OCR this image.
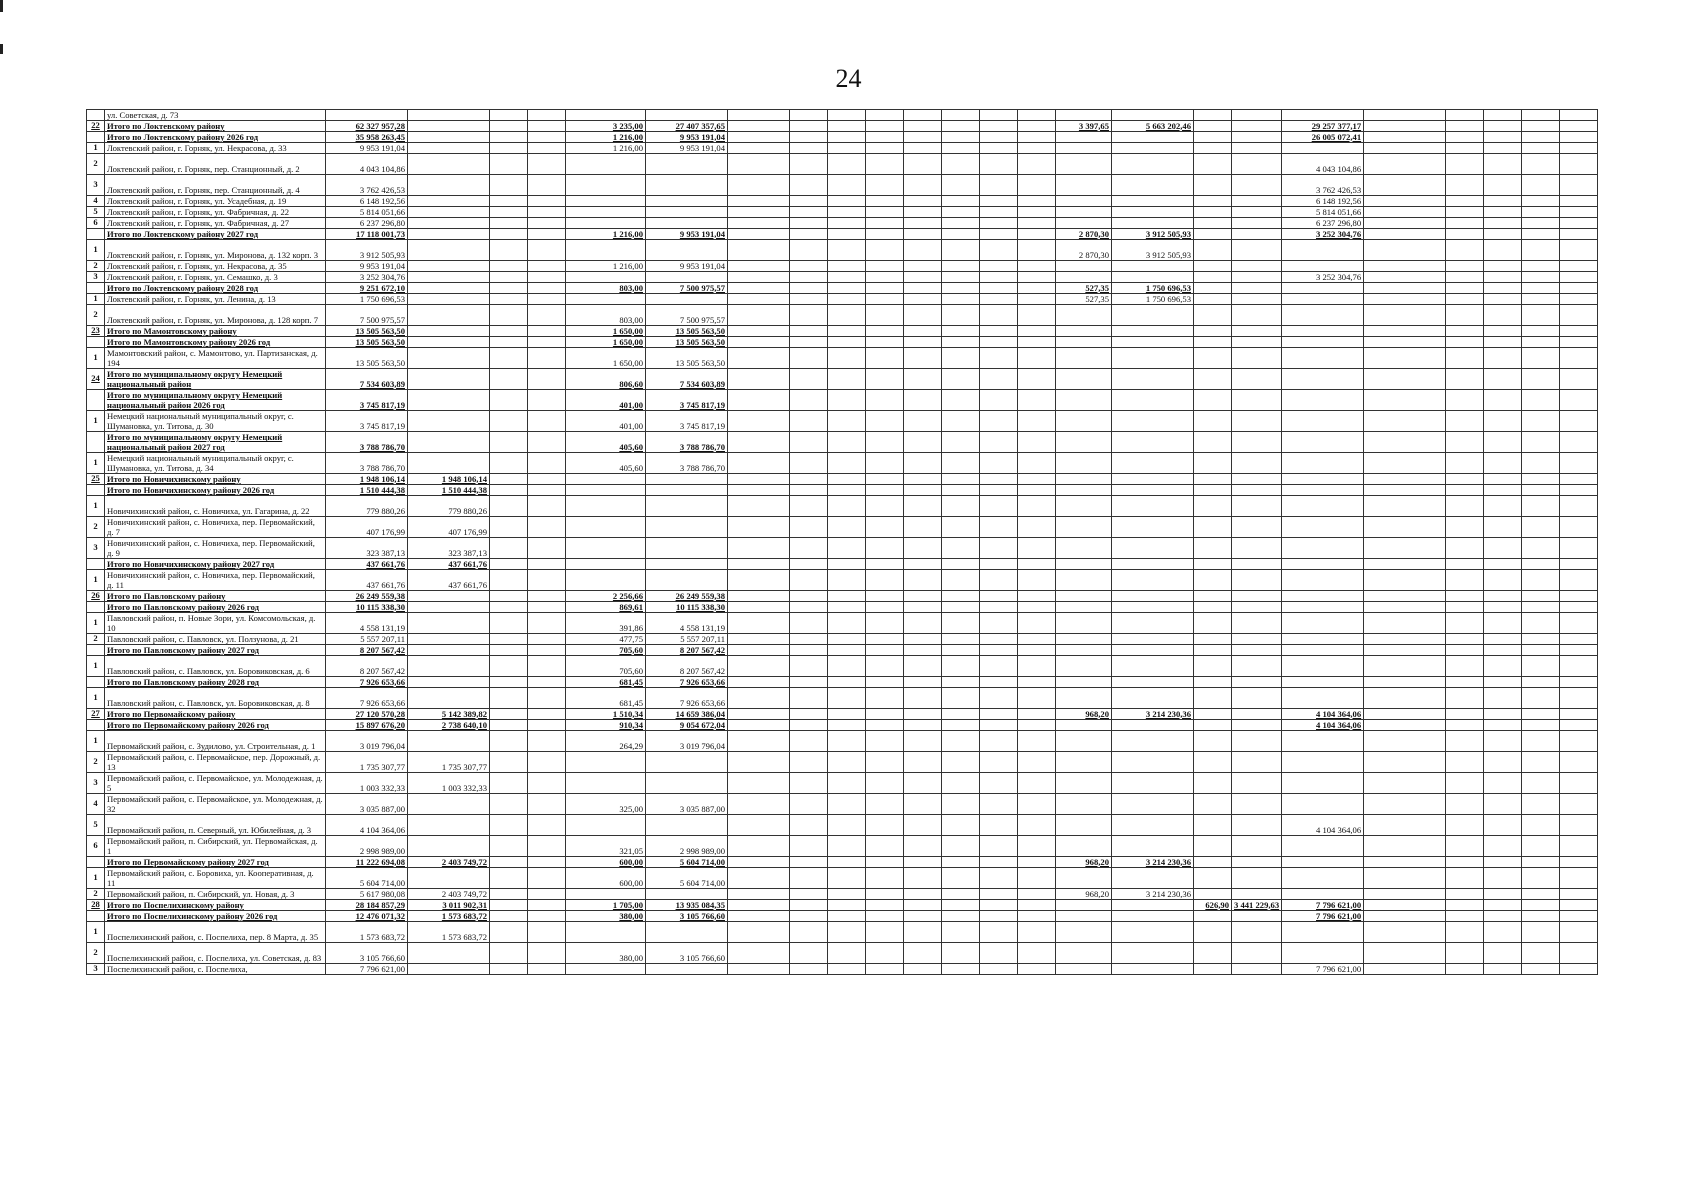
24
	ул. Советская, д. 73																								
22	Итого по Локтевскому району	62 327 957,28				3 235,00	27 407 357,65									3 397,65	5 663 202,46			29 257 377,17					
	Итого по Локтевскому району 2026 год	35 958 263,45				1 216,00	9 953 191,04													26 005 072,41					
1	Локтевский район, г. Горняк, ул. Некрасова, д. 33	9 953 191,04				1 216,00	9 953 191,04																		
2	Локтевский район, г. Горняк, пер. Станционный, д. 2	4 043 104,86																		4 043 104,86					
3	Локтевский район, г. Горняк, пер. Станционный, д. 4	3 762 426,53																		3 762 426,53					
4	Локтевский район, г. Горняк, ул. Усадебная, д. 19	6 148 192,56																		6 148 192,56					
5	Локтевский район, г. Горняк, ул. Фабричная, д. 22	5 814 051,66																		5 814 051,66					
6	Локтевский район, г. Горняк, ул. Фабричная, д. 27	6 237 296,80																		6 237 296,80					
	Итого по Локтевскому району 2027 год	17 118 001,73				1 216,00	9 953 191,04									2 870,30	3 912 505,93			3 252 304,76					
1	Локтевский район, г. Горняк, ул. Миронова, д. 132 корп. 3	3 912 505,93														2 870,30	3 912 505,93								
2	Локтевский район, г. Горняк, ул. Некрасова, д. 35	9 953 191,04				1 216,00	9 953 191,04																		
3	Локтевский район, г. Горняк, ул. Семашко, д. 3	3 252 304,76																		3 252 304,76					
	Итого по Локтевскому району 2028 год	9 251 672,10				803,00	7 500 975,57									527,35	1 750 696,53								
1	Локтевский район, г. Горняк, ул. Ленина, д. 13	1 750 696,53														527,35	1 750 696,53								
2	Локтевский район, г. Горняк, ул. Миронова, д. 128 корп. 7	7 500 975,57				803,00	7 500 975,57																		
23	Итого по Мамонтовскому району	13 505 563,50				1 650,00	13 505 563,50																		
	Итого по Мамонтовскому району 2026 год	13 505 563,50				1 650,00	13 505 563,50																		
1	Мамонтовский район, с. Мамонтово, ул. Партизанская, д. 194	13 505 563,50				1 650,00	13 505 563,50																		
24	Итого по муниципальному округу Немецкий национальный район	7 534 603,89				806,60	7 534 603,89																		
	Итого по муниципальному округу Немецкий национальный район 2026 год	3 745 817,19				401,00	3 745 817,19																		
1	Немецкий национальный муниципальный округ, с. Шумановка, ул. Титова, д. 30	3 745 817,19				401,00	3 745 817,19																		
	Итого по муниципальному округу Немецкий национальный район 2027 год	3 788 786,70				405,60	3 788 786,70																		
1	Немецкий национальный муниципальный округ, с. Шумановка, ул. Титова, д. 34	3 788 786,70				405,60	3 788 786,70																		
25	Итого по Новичихинскому району	1 948 106,14	1 948 106,14																						
	Итого по Новичихинскому району 2026 год	1 510 444,38	1 510 444,38																						
1	Новичихинский район, с. Новичиха, ул. Гагарина, д. 22	779 880,26	779 880,26																						
2	Новичихинский район, с. Новичиха, пер. Первомайский, д. 7	407 176,99	407 176,99																						
3	Новичихинский район, с. Новичиха, пер. Первомайский, д. 9	323 387,13	323 387,13																						
	Итого по Новичихинскому району 2027 год	437 661,76	437 661,76																						
1	Новичихинский район, с. Новичиха, пер. Первомайский, д. 11	437 661,76	437 661,76																						
26	Итого по Павловскому району	26 249 559,38				2 256,66	26 249 559,38																		
	Итого по Павловскому району 2026 год	10 115 338,30				869,61	10 115 338,30																		
1	Павловский район, п. Новые Зори, ул. Комсомольская, д. 10	4 558 131,19				391,86	4 558 131,19																		
2	Павловский район, с. Павловск, ул. Ползунова, д. 21	5 557 207,11				477,75	5 557 207,11																		
	Итого по Павловскому району 2027 год	8 207 567,42				705,60	8 207 567,42																		
1	Павловский район, с. Павловск, ул. Боровиковская, д. 6	8 207 567,42				705,60	8 207 567,42																		
	Итого по Павловскому району 2028 год	7 926 653,66				681,45	7 926 653,66																		
1	Павловский район, с. Павловск, ул. Боровиковская, д. 8	7 926 653,66				681,45	7 926 653,66																		
27	Итого по Первомайскому району	27 120 570,28	5 142 389,82			1 510,34	14 659 386,04									968,20	3 214 230,36			4 104 364,06					
	Итого по Первомайскому району 2026 год	15 897 676,20	2 738 640,10			910,34	9 054 672,04													4 104 364,06					
1	Первомайский район, с. Зудилово, ул. Строительная, д. 1	3 019 796,04				264,29	3 019 796,04																		
2	Первомайский район, с. Первомайское, пер. Дорожный, д. 13	1 735 307,77	1 735 307,77																						
3	Первомайский район, с. Первомайское, ул. Молодежная, д. 5	1 003 332,33	1 003 332,33																						
4	Первомайский район, с. Первомайское, ул. Молодежная, д. 32	3 035 887,00				325,00	3 035 887,00																		
5	Первомайский район, п. Северный, ул. Юбилейная, д. 3	4 104 364,06																		4 104 364,06					
6	Первомайский район, п. Сибирский, ул. Первомайская, д. 1	2 998 989,00				321,05	2 998 989,00																		
	Итого по Первомайскому району 2027 год	11 222 694,08	2 403 749,72			600,00	5 604 714,00									968,20	3 214 230,36								
1	Первомайский район, с. Боровиха, ул. Кооперативная, д. 11	5 604 714,00				600,00	5 604 714,00																		
2	Первомайский район, п. Сибирский, ул. Новая, д. 3	5 617 980,08	2 403 749,72													968,20	3 214 230,36								
28	Итого по Поспелихинскому району	28 184 857,29	3 011 902,31			1 705,00	13 935 084,35											626,90	3 441 229,63	7 796 621,00					
	Итого по Поспелихинскому району 2026 год	12 476 071,32	1 573 683,72			380,00	3 105 766,60													7 796 621,00					
1	Поспелихинский район, с. Поспелиха, пер. 8 Марта, д. 35	1 573 683,72	1 573 683,72																						
2	Поспелихинский район, с. Поспелиха, ул. Советская, д. 83	3 105 766,60				380,00	3 105 766,60																		
3	Поспелихинский район, с. Поспелиха,	7 796 621,00																		7 796 621,00					
